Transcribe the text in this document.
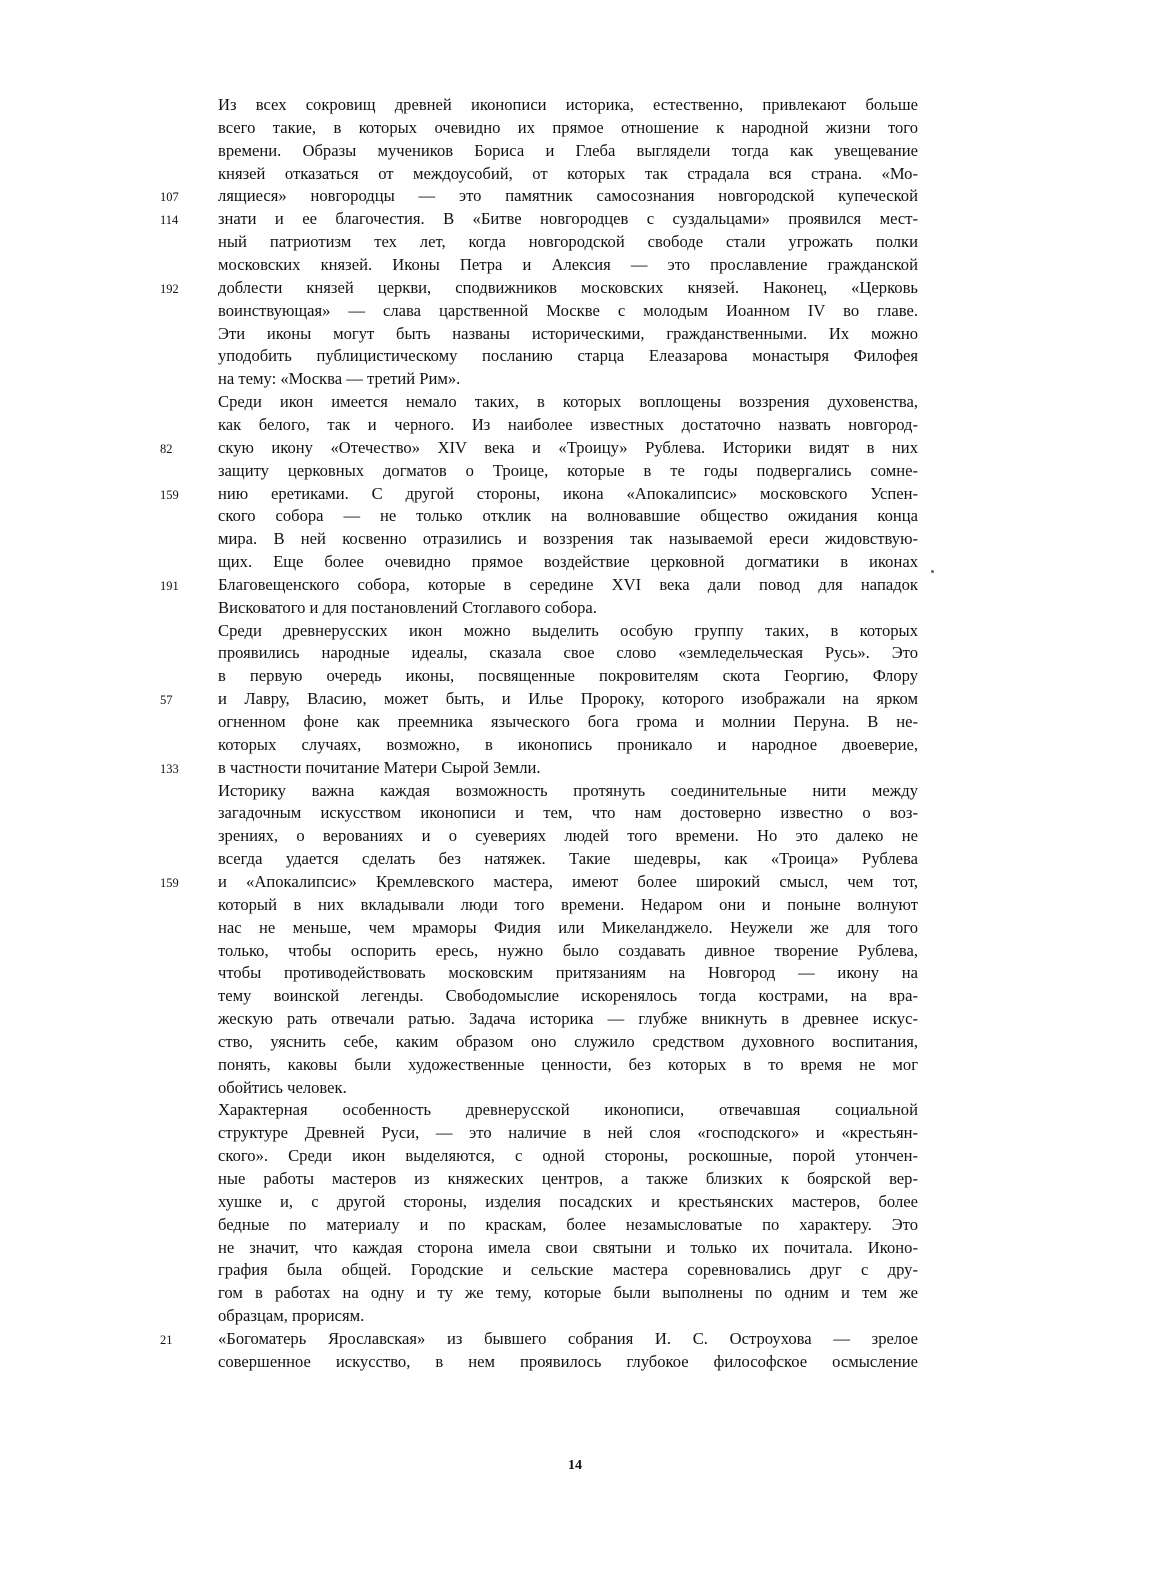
Из всех сокровищ древней иконописи историка, естественно, привлекают больше
всего такие, в которых очевидно их прямое отношение к народной жизни того
времени. Образы мучеников Бориса и Глеба выглядели тогда как увещевание
князей отказаться от междоусобий, от которых так страдала вся страна. «Мо-
лящиеся» новгородцы — это памятник самосознания новгородской купеческой
знати и ее благочестия. В «Битве новгородцев с суздальцами» проявился мест-
ный патриотизм тех лет, когда новгородской свободе стали угрожать полки
московских князей. Иконы Петра и Алексия — это прославление гражданской
доблести князей церкви, сподвижников московских князей. Наконец, «Церковь
воинствующая» — слава царственной Москве с молодым Иоанном IV во главе.
Эти иконы могут быть названы историческими, гражданственными. Их можно
уподобить публицистическому посланию старца Елеазарова монастыря Филофея
на тему: «Москва — третий Рим».
Среди икон имеется немало таких, в которых воплощены воззрения духовенства,
как белого, так и черного. Из наиболее известных достаточно назвать новгород-
скую икону «Отечество» XIV века и «Троицу» Рублева. Историки видят в них
защиту церковных догматов о Троице, которые в те годы подвергались сомне-
нию еретиками. С другой стороны, икона «Апокалипсис» московского Успен-
ского собора — не только отклик на волновавшие общество ожидания конца
мира. В ней косвенно отразились и воззрения так называемой ереси жидовствую-
щих. Еще более очевидно прямое воздействие церковной догматики в иконах
Благовещенского собора, которые в середине XVI века дали повод для нападок
Висковатого и для постановлений Стоглавого собора.
Среди древнерусских икон можно выделить особую группу таких, в которых
проявились народные идеалы, сказала свое слово «земледельческая Русь». Это
в первую очередь иконы, посвященные покровителям скота Георгию, Флору
и Лавру, Власию, может быть, и Илье Пророку, которого изображали на ярком
огненном фоне как преемника языческого бога грома и молнии Перуна. В не-
которых случаях, возможно, в иконопись проникало и народное двоеверие,
в частности почитание Матери Сырой Земли.
Историку важна каждая возможность протянуть соединительные нити между
загадочным искусством иконописи и тем, что нам достоверно известно о воз-
зрениях, о верованиях и о суевериях людей того времени. Но это далеко не
всегда удается сделать без натяжек. Такие шедевры, как «Троица» Рублева
и «Апокалипсис» Кремлевского мастера, имеют более широкий смысл, чем тот,
который в них вкладывали люди того времени. Недаром они и поныне волнуют
нас не меньше, чем мраморы Фидия или Микеланджело. Неужели же для того
только, чтобы оспорить ересь, нужно было создавать дивное творение Рублева,
чтобы противодействовать московским притязаниям на Новгород — икону на
тему воинской легенды. Свободомыслие искоренялось тогда кострами, на вра-
жескую рать отвечали ратью. Задача историка — глубже вникнуть в древнее искус-
ство, уяснить себе, каким образом оно служило средством духовного воспитания,
понять, каковы были художественные ценности, без которых в то время не мог
обойтись человек.
Характерная особенность древнерусской иконописи, отвечавшая социальной
структуре Древней Руси, — это наличие в ней слоя «господского» и «крестьян-
ского». Среди икон выделяются, с одной стороны, роскошные, порой утончен-
ные работы мастеров из княжеских центров, а также близких к боярской вер-
хушке и, с другой стороны, изделия посадских и крестьянских мастеров, более
бедные по материалу и по краскам, более незамысловатые по характеру. Это
не значит, что каждая сторона имела свои святыни и только их почитала. Иконо-
графия была общей. Городские и сельские мастера соревновались друг с дру-
гом в работах на одну и ту же тему, которые были выполнены по одним и тем же
образцам, прорисям.
«Богоматерь Ярославская» из бывшего собрания И. С. Остроухова — зрелое
совершенное искусство, в нем проявилось глубокое философское осмысление
107
114
192
82
159
191
57
133
159
21
14
